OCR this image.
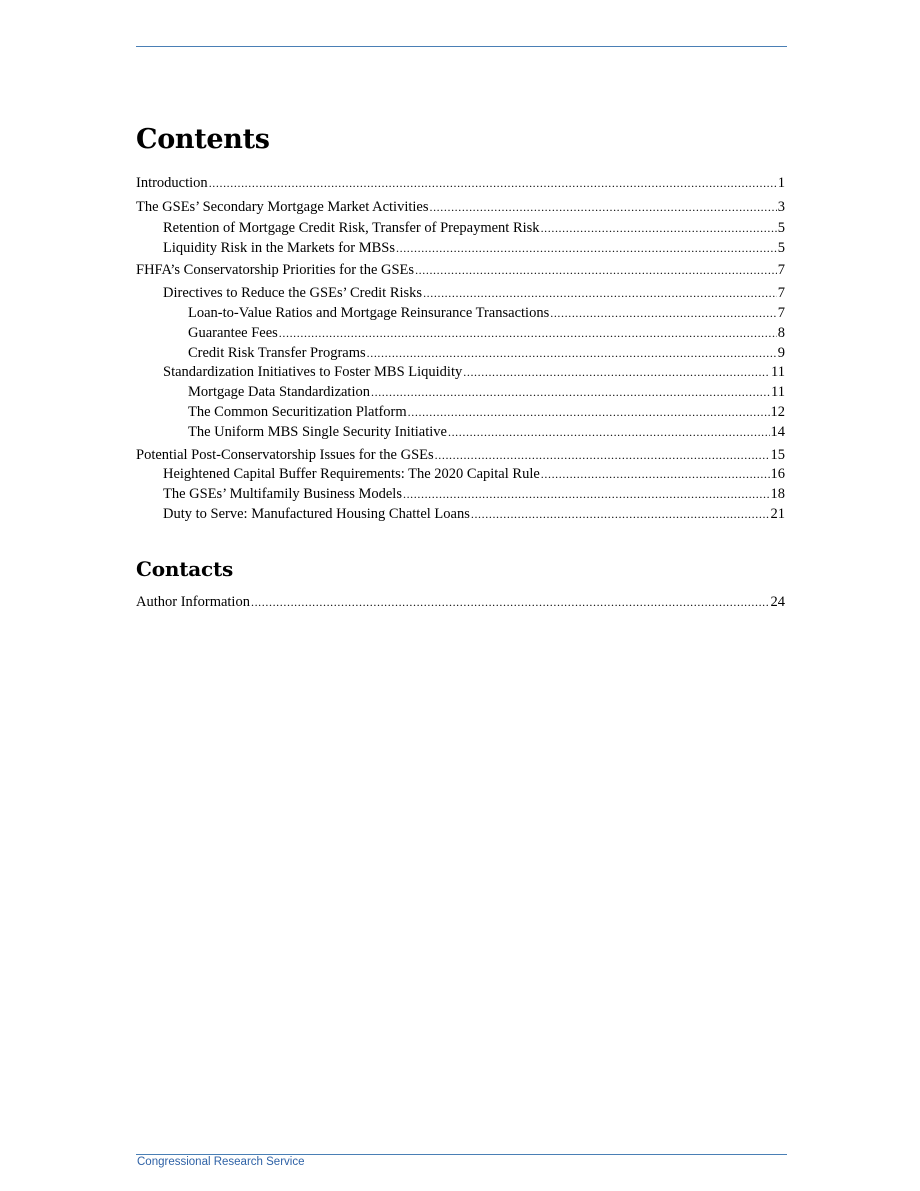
Contents
Introduction .....	1
The GSEs’ Secondary Mortgage Market Activities .....	3
Retention of Mortgage Credit Risk, Transfer of Prepayment Risk .....	5
Liquidity Risk in the Markets for MBSs .....	5
FHFA’s Conservatorship Priorities for the GSEs .....	7
Directives to Reduce the GSEs’ Credit Risks .....	7
Loan-to-Value Ratios and Mortgage Reinsurance Transactions .....	7
Guarantee Fees .....	8
Credit Risk Transfer Programs .....	9
Standardization Initiatives to Foster MBS Liquidity .....	11
Mortgage Data Standardization .....	11
The Common Securitization Platform .....	12
The Uniform MBS Single Security Initiative .....	14
Potential Post-Conservatorship Issues for the GSEs .....	15
Heightened Capital Buffer Requirements: The 2020 Capital Rule .....	16
The GSEs’ Multifamily Business Models .....	18
Duty to Serve: Manufactured Housing Chattel Loans .....	21
Contacts
Author Information .....	24
Congressional Research Service
